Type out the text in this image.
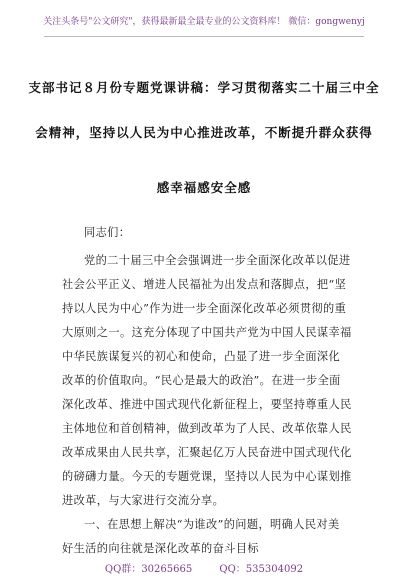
关注头条号"公文研究"，获得最新最全最专业的公文资料库！ 微信：gongwenyj
支部书记８月份专题党课讲稿：学习贯彻落实二十届三中全
会精神，坚持以人民为中心推进改革，不断提升群众获得
感幸福感安全感
同志们：
党的二十届三中全会强调进一步全面深化改革以促进
社会公平正义、增进人民福祉为出发点和落脚点，把“坚
持以人民为中心”作为进一步全面深化改革必须贯彻的重
大原则之一。这充分体现了中国共产党为中国人民谋幸福
中华民族谋复兴的初心和使命，凸显了进一步全面深化
改革的价值取向。“民心是最大的政治”。在进一步全面
深化改革、推进中国式现代化新征程上，要坚持尊重人民
主体地位和首创精神，做到改革为了人民、改革依靠人民
改革成果由人民共享，汇聚起亿万人民奋进中国式现代化
的磅礴力量。今天的专题党课，坚持以人民为中心谋划推
进改革，与大家进行交流分享。
一、在思想上解决“为谁改”的问题，明确人民对美
好生活的向往就是深化改革的奋斗目标
QQ群：30265665	QQ：535304092
